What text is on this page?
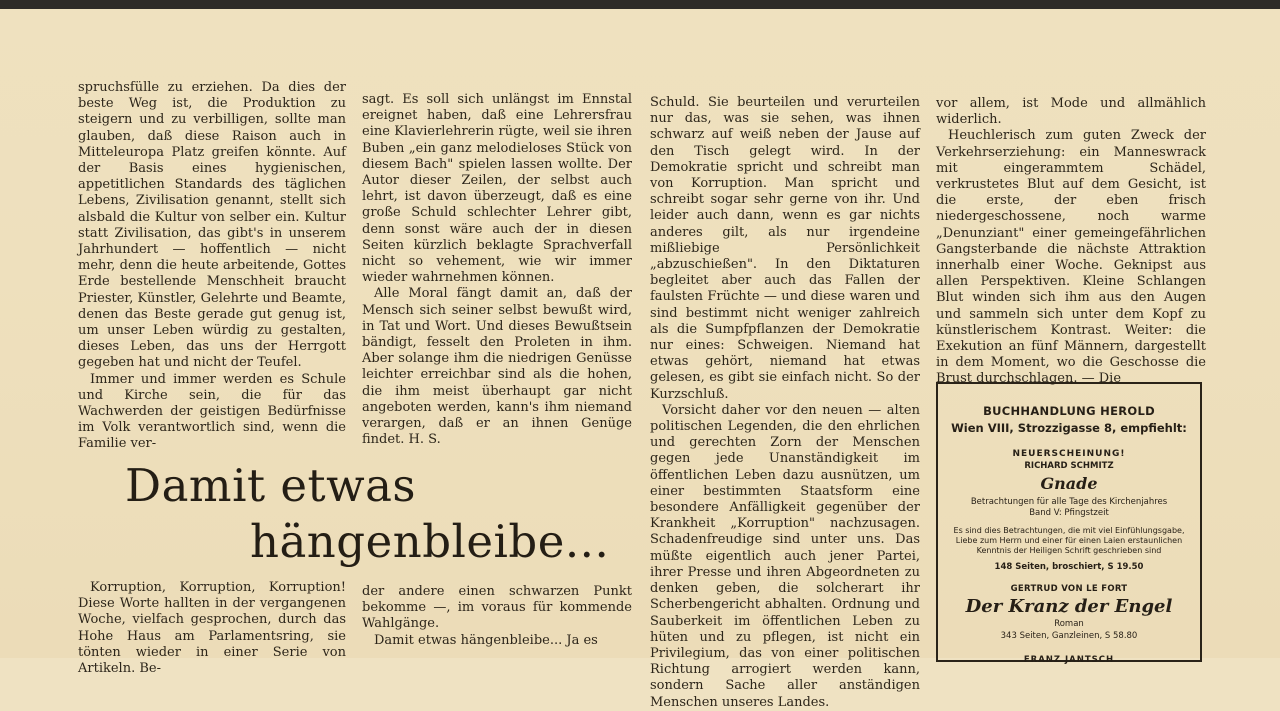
spruchsfülle zu erziehen. Da dies der beste Weg ist, die Produktion zu steigern und zu verbilligen, sollte man glauben, daß diese Raison auch in Mitteleuropa Platz greifen könnte. Auf der Basis eines hygienischen, appetitlichen Standards des täglichen Lebens, Zivilisation genannt, stellt sich alsbald die Kultur von selber ein. Kultur statt Zivilisation, das gibt's in unserem Jahrhundert — hoffentlich — nicht mehr, denn die heute arbeitende, Gottes Erde bestellende Menschheit braucht Priester, Künstler, Gelehrte und Beamte, denen das Beste gerade gut genug ist, um unser Leben würdig zu gestalten, dieses Leben, das uns der Herrgott gegeben hat und nicht der Teufel.

Immer und immer werden es Schule und Kirche sein, die für das Wachwerden der geistigen Bedürfnisse im Volk verantwortlich sind, wenn die Familie ver-

sagt. Es soll sich unlängst im Ennstal ereignet haben, daß eine Lehrersfrau eine Klavierlehrerin rügte, weil sie ihren Buben „ein ganz melodieloses Stück von diesem Bach" spielen lassen wollte. Der Autor dieser Zeilen, der selbst auch lehrt, ist davon überzeugt, daß es eine große Schuld schlechter Lehrer gibt, denn sonst wäre auch der in diesen Seiten kürzlich beklagte Sprachverfall nicht so vehement, wie wir immer wieder wahrnehmen können.

Alle Moral fängt damit an, daß der Mensch sich seiner selbst bewußt wird, in Tat und Wort. Und dieses Bewußtsein bändigt, fesselt den Proleten in ihm. Aber solange ihm die niedrigen Genüsse leichter erreichbar sind als die hohen, die ihm meist überhaupt gar nicht angeboten werden, kann's ihm niemand verargen, daß er an ihnen Genüge findet. H. S.

Schuld. Sie beurteilen und verurteilen nur das, was sie sehen, was ihnen schwarz auf weiß neben der Jause auf den Tisch gelegt wird. In der Demokratie spricht und schreibt man von Korruption. Man spricht und schreibt sogar sehr gerne von ihr. Und leider auch dann, wenn es gar nichts anderes gilt, als nur irgendeine mißliebige Persönlichkeit „abzuschießen". In den Diktaturen begleitet aber auch das Fallen der faulsten Früchte — und diese waren und sind bestimmt nicht weniger zahlreich als die Sumpfpflanzen der Demokratie nur eines: Schweigen. Niemand hat etwas gehört, niemand hat etwas gelesen, es gibt sie einfach nicht. So der Kurzschluß.

Vorsicht daher vor den neuen — alten politischen Legenden, die den ehrlichen und gerechten Zorn der Menschen gegen jede Unanständigkeit im öffentlichen Leben dazu ausnützen, um einer bestimmten Staatsform eine besondere Anfälligkeit gegenüber der Krankheit „Korruption" nachzusagen. Schadenfreudige sind unter uns. Das müßte eigentlich auch jener Partei, ihrer Presse und ihren Abgeordneten zu denken geben, die solcherart ihr Scherbengericht abhalten. Ordnung und Sauberkeit im öffentlichen Leben zu hüten und zu pflegen, ist nicht ein Privilegium, das von einer politischen Richtung arrogiert werden kann, sondern Sache aller anständigen Menschen unseres Landes.

vor allem, ist Mode und allmählich widerlich.

Heuchlerisch zum guten Zweck der Verkehrserziehung: ein Manneswrack mit eingerammtem Schädel, verkrustetes Blut auf dem Gesicht, ist die erste, der eben frisch niedergeschossene, noch warme „Denunziant" einer gemeingefährlichen Gangsterbande die nächste Attraktion innerhalb einer Woche. Geknipst aus allen Perspektiven. Kleine Schlangen Blut winden sich ihm aus den Augen und sammeln sich unter dem Kopf zu künstlerischem Kontrast. Weiter: die Exekution an fünf Männern, dargestellt in dem Moment, wo die Geschosse die Brust durchschlagen. — Die

Damit etwas
hängenbleibe...

Korruption, Korruption, Korruption! Diese Worte hallten in der vergangenen Woche, vielfach gesprochen, durch das Hohe Haus am Parlamentsring, sie tönten wieder in einer Serie von Artikeln. Be-

der andere einen schwarzen Punkt bekomme —, im voraus für kommende Wahlgänge.

Damit etwas hängenbleibe... Ja es

BUCHHANDLUNG HEROLD
Wien VIII, Strozzigasse 8, empfiehlt:
NEUERSCHEINUNG!
RICHARD SCHMITZ
Gnade
Betrachtungen für alle Tage des Kirchenjahres
Band V: Pfingstzeit
Es sind dies Betrachtungen, die mit viel Einfühlungsgabe, Liebe zum Herrn und einer für einen Laien erstaunlichen Kenntnis der Heiligen Schrift geschrieben sind
148 Seiten, broschiert, S 19.50
GERTRUD VON LE FORT
Der Kranz der Engel
Roman
343 Seiten, Ganzleinen, S 58.80
FRANZ JANTSCH
